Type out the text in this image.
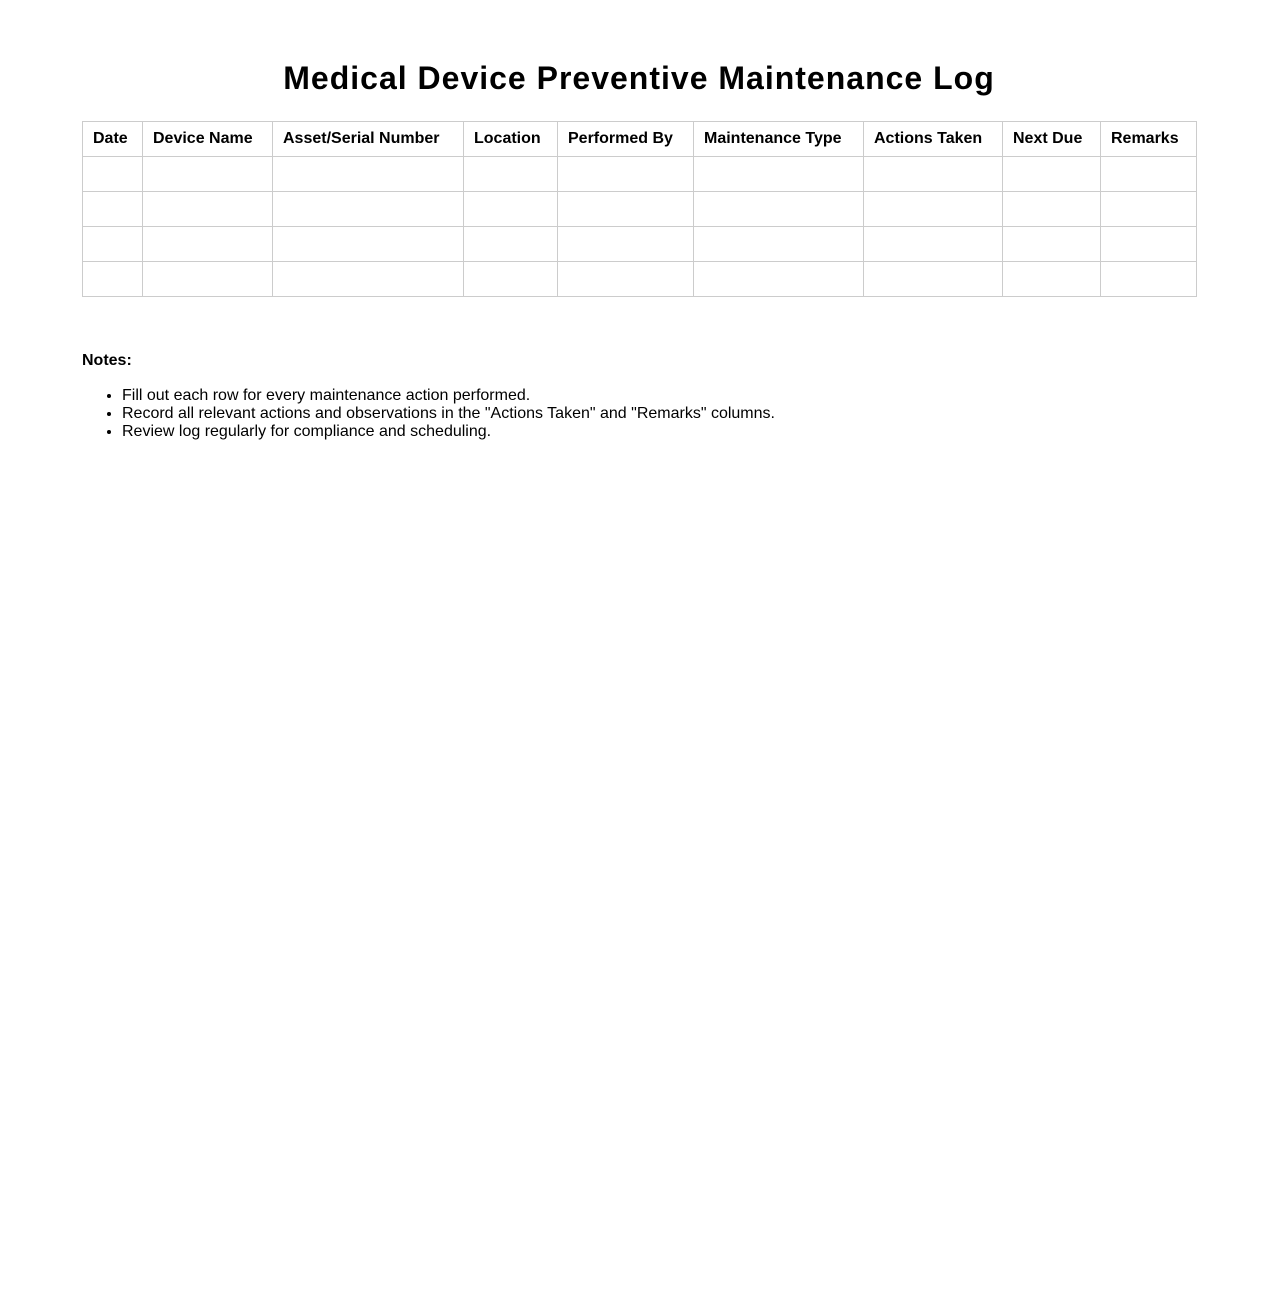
Medical Device Preventive Maintenance Log
Date	Device Name	Asset/Serial Number	Location	Performed By	Maintenance Type	Actions Taken	Next Due	Remarks

Notes:

• Fill out each row for every maintenance action performed.
• Record all relevant actions and observations in the "Actions Taken" and "Remarks" columns.
• Review log regularly for compliance and scheduling.
